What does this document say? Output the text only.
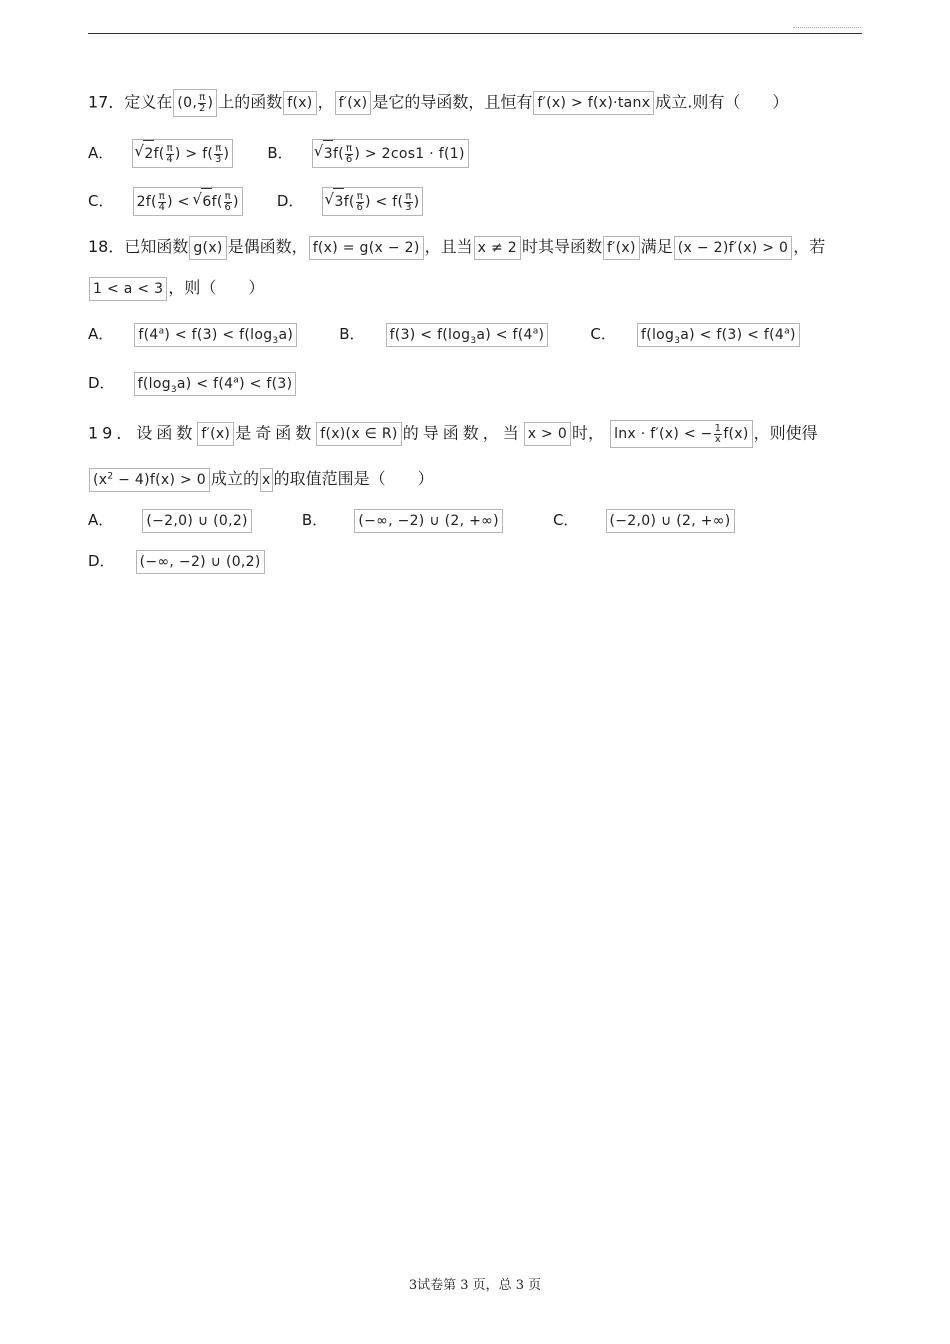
17．定义在 (0, $\frac{\pi}{2}$ ) 上的函数 f(x) ， f′(x) 是它的导函数，且恒有 f′(x) > f(x)·tanx 成立.则有（　　）
A． √ $2f( \frac{\pi}{4}$ ) > $f( \frac{\pi}{3}$ )	B． √ $3f( \frac{\pi}{6}$ ) > 2cos1 · f(1)
C． $2f( \frac{\pi}{4}$ ) < √ $6f( \frac{\pi}{6}$ )	D． √ $3f( \frac{\pi}{6}$ ) < $f( \frac{\pi}{3}$ )
18．已知函数 g(x) 是偶函数， f(x) = g(x − 2) ，且当 x ≠ 2 时其导函数 f′(x) 满足 (x − 2)f′(x) > 0 ，若
1 < a < 3 ，则（　　）
A． $f(4^a) < f(3) < f(\log_3a)$	B． $f(3) < f(\log_3a) < f(4^a)$	C． $f(\log_3a) < f(3) < f(4^a)$
D． $f(\log_3a) < f(4^a) < f(3)$
19．设函数 f′(x) 是奇函数 f(x)(x ∈ R) 的导函数，当 x > 0 时， lnx · f′(x) < − $\frac{1}{x} f(x)$ ，则使得
$(x^2 - 4)f(x) > 0$ 成立的 x 的取值范围是（　　）
A． (−2,0) ∪ (0,2)	B． (−∞, −2) ∪ (2, +∞)	C． (−2,0) ∪ (2, +∞)
D． (−∞, −2) ∪ (0,2)
3试卷第 3 页，总 3 页
